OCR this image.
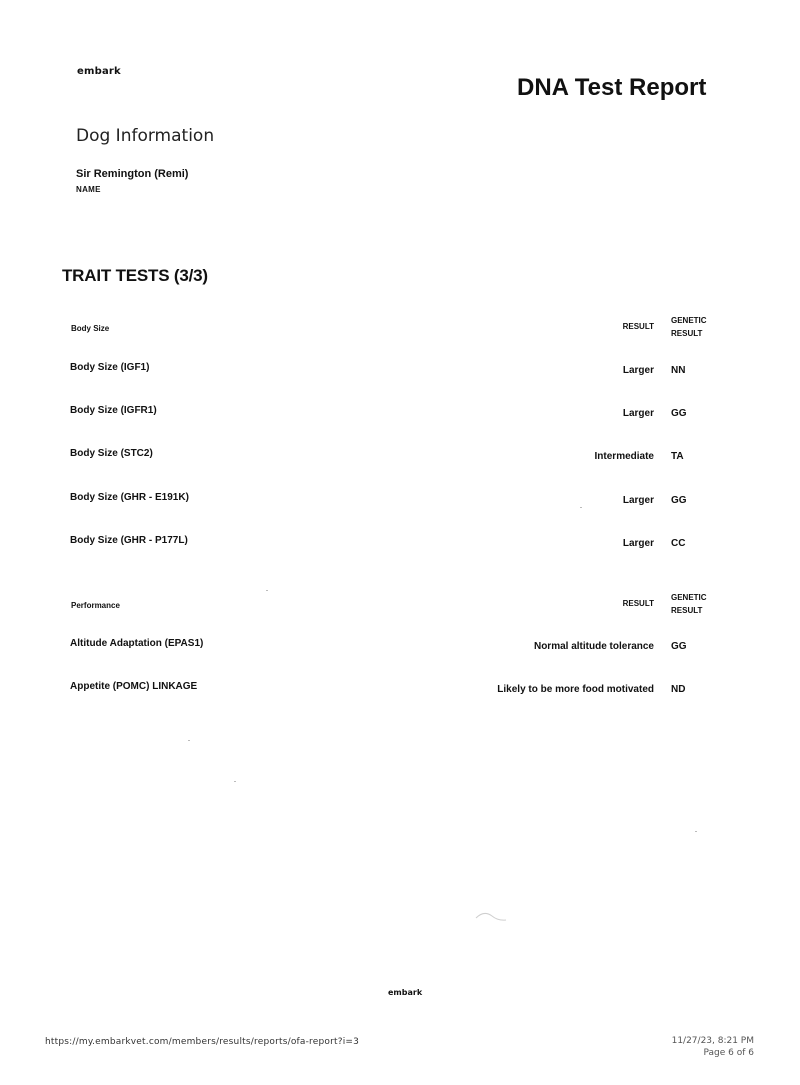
embark
DNA Test Report
Dog Information
Sir Remington (Remi)
NAME
TRAIT TESTS (3/3)
Body Size	RESULT
GENETIC
RESULT
Body Size (IGF1)	Larger NN
Body Size (IGFR1)	Larger GG
Body Size (STC2)	Intermediate TA
Body Size (GHR - E191K)	Larger GG
Body Size (GHR - P177L)	Larger CC
Performance	RESULT
GENETIC
RESULT
Altitude Adaptation (EPAS1)	Normal altitude tolerance GG
Appetite (POMC) LINKAGE	Likely to be more food motivated ND
embark
https://my.embarkvet.com/members/results/reports/ofa-report?i=3	11/27/23, 8:21 PM
Page 6 of 6
